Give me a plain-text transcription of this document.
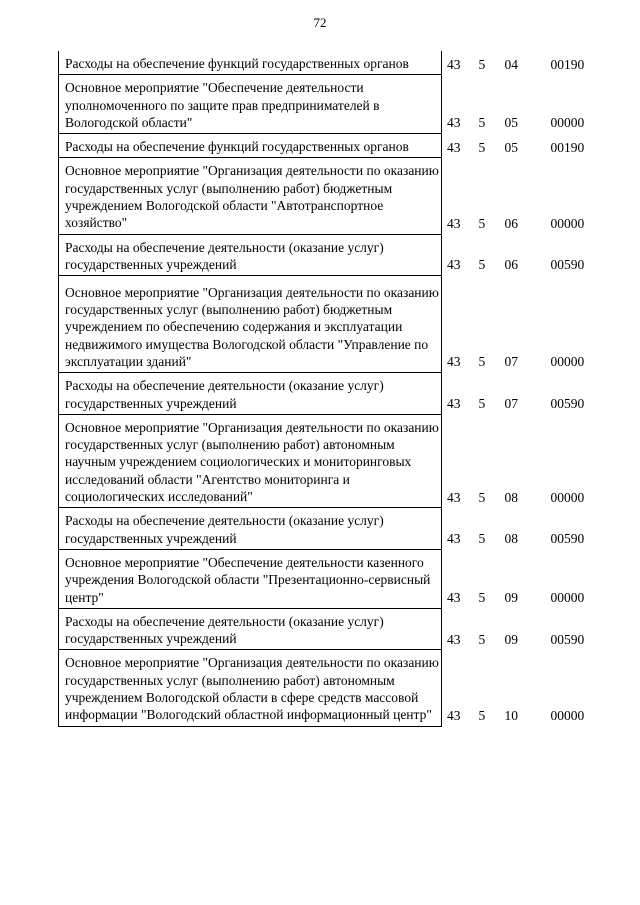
72
Расходы на обеспечение функций государственных органов	43	5	04	00190
Основное мероприятие "Обеспечение деятельности уполномоченного по защите прав предпринимателей в Вологодской области"	43	5	05	00000
Расходы на обеспечение функций государственных органов	43	5	05	00190
Основное мероприятие "Организация деятельности по оказанию государственных услуг (выполнению работ) бюджетным учреждением Вологодской области "Автотранспортное хозяйство"	43	5	06	00000
Расходы на обеспечение деятельности (оказание услуг) государственных учреждений	43	5	06	00590
Основное мероприятие "Организация деятельности по оказанию государственных услуг (выполнению работ) бюджетным учреждением по обеспечению содержания и эксплуатации недвижимого имущества Вологодской области "Управление по эксплуатации зданий"	43	5	07	00000
Расходы на обеспечение деятельности (оказание услуг) государственных учреждений	43	5	07	00590
Основное мероприятие "Организация деятельности по оказанию государственных услуг (выполнению работ) автономным научным учреждением социологических и мониторинговых исследований области "Агентство мониторинга и социологических исследований"	43	5	08	00000
Расходы на обеспечение деятельности (оказание услуг) государственных учреждений	43	5	08	00590
Основное мероприятие "Обеспечение деятельности казенного учреждения Вологодской области "Презентационно-сервисный центр"	43	5	09	00000
Расходы на обеспечение деятельности (оказание услуг) государственных учреждений	43	5	09	00590
Основное мероприятие "Организация деятельности по оказанию государственных услуг (выполнению работ) автономным учреждением Вологодской области в сфере средств массовой информации "Вологодский областной информационный центр"	43	5	10	00000
